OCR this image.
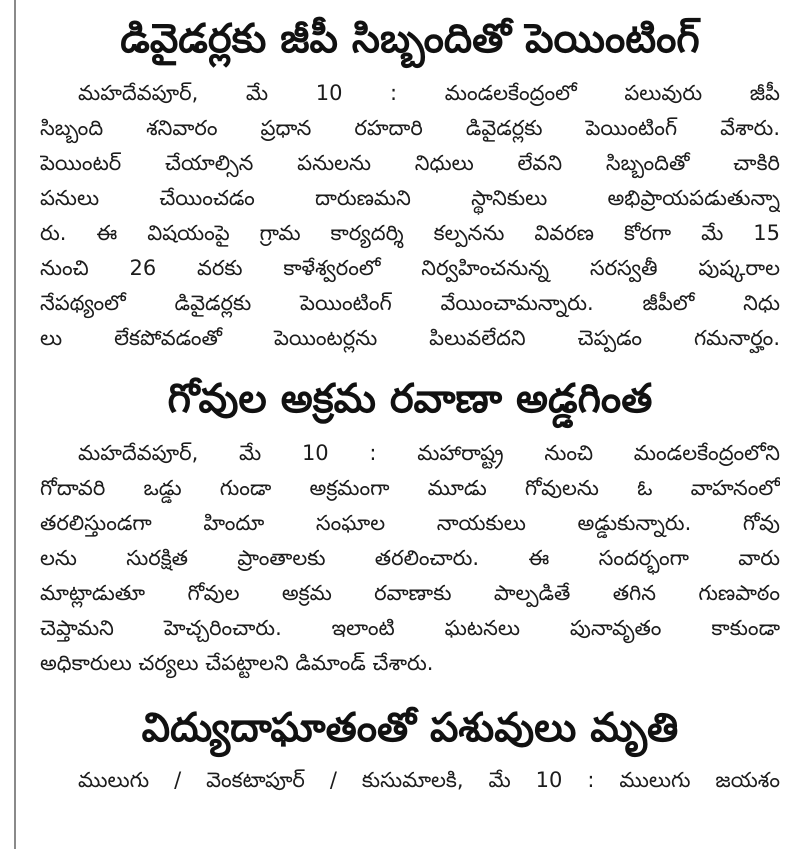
డివైడర్లకు జీపీ సిబ్బందితో పెయింటింగ్

మహదేవపూర్, మే 10 : మండలకేంద్రంలో పలువురు జీపీ
సిబ్బంది శనివారం ప్రధాన రహదారి డివైడర్లకు పెయింటింగ్ వేశారు.
పెయింటర్ చేయాల్సిన పనులను నిధులు లేవని సిబ్బందితో చాకిరి
పనులు చేయించడం దారుణమని స్థానికులు అభిప్రాయపడుతున్నా
రు. ఈ విషయంపై గ్రామ కార్యదర్శి కల్పనను వివరణ కోరగా మే 15
నుంచి 26 వరకు కాళేశ్వరంలో నిర్వహించనున్న సరస్వతీ పుష్కరాల
నేపథ్యంలో డివైడర్లకు పెయింటింగ్ వేయించామన్నారు. జీపీలో నిధు
లు లేకపోవడంతో పెయింటర్లను పిలువలేదని చెప్పడం గమనార్హం.

గోవుల అక్రమ రవాణా అడ్డగింత

మహదేవపూర్, మే 10 : మహారాష్ట్ర నుంచి మండలకేంద్రంలోని
గోదావరి ఒడ్డు గుండా అక్రమంగా మూడు గోవులను ఓ వాహనంలో
తరలిస్తుండగా హిందూ సంఘాల నాయకులు అడ్డుకున్నారు. గోవు
లను సురక్షిత ప్రాంతాలకు తరలించారు. ఈ సందర్భంగా వారు
మాట్లాడుతూ గోవుల అక్రమ రవాణాకు పాల్పడితే తగిన గుణపాఠం
చెప్తామని హెచ్చరించారు. ఇలాంటి ఘటనలు పునావృతం కాకుండా
అధికారులు చర్యలు చేపట్టాలని డిమాండ్ చేశారు.

విద్యుదాఘాతంతో పశువులు మృతి

ములుగు / వెంకటాపూర్ / కుసుమాలకి, మే 10 : ములుగు జయశం
